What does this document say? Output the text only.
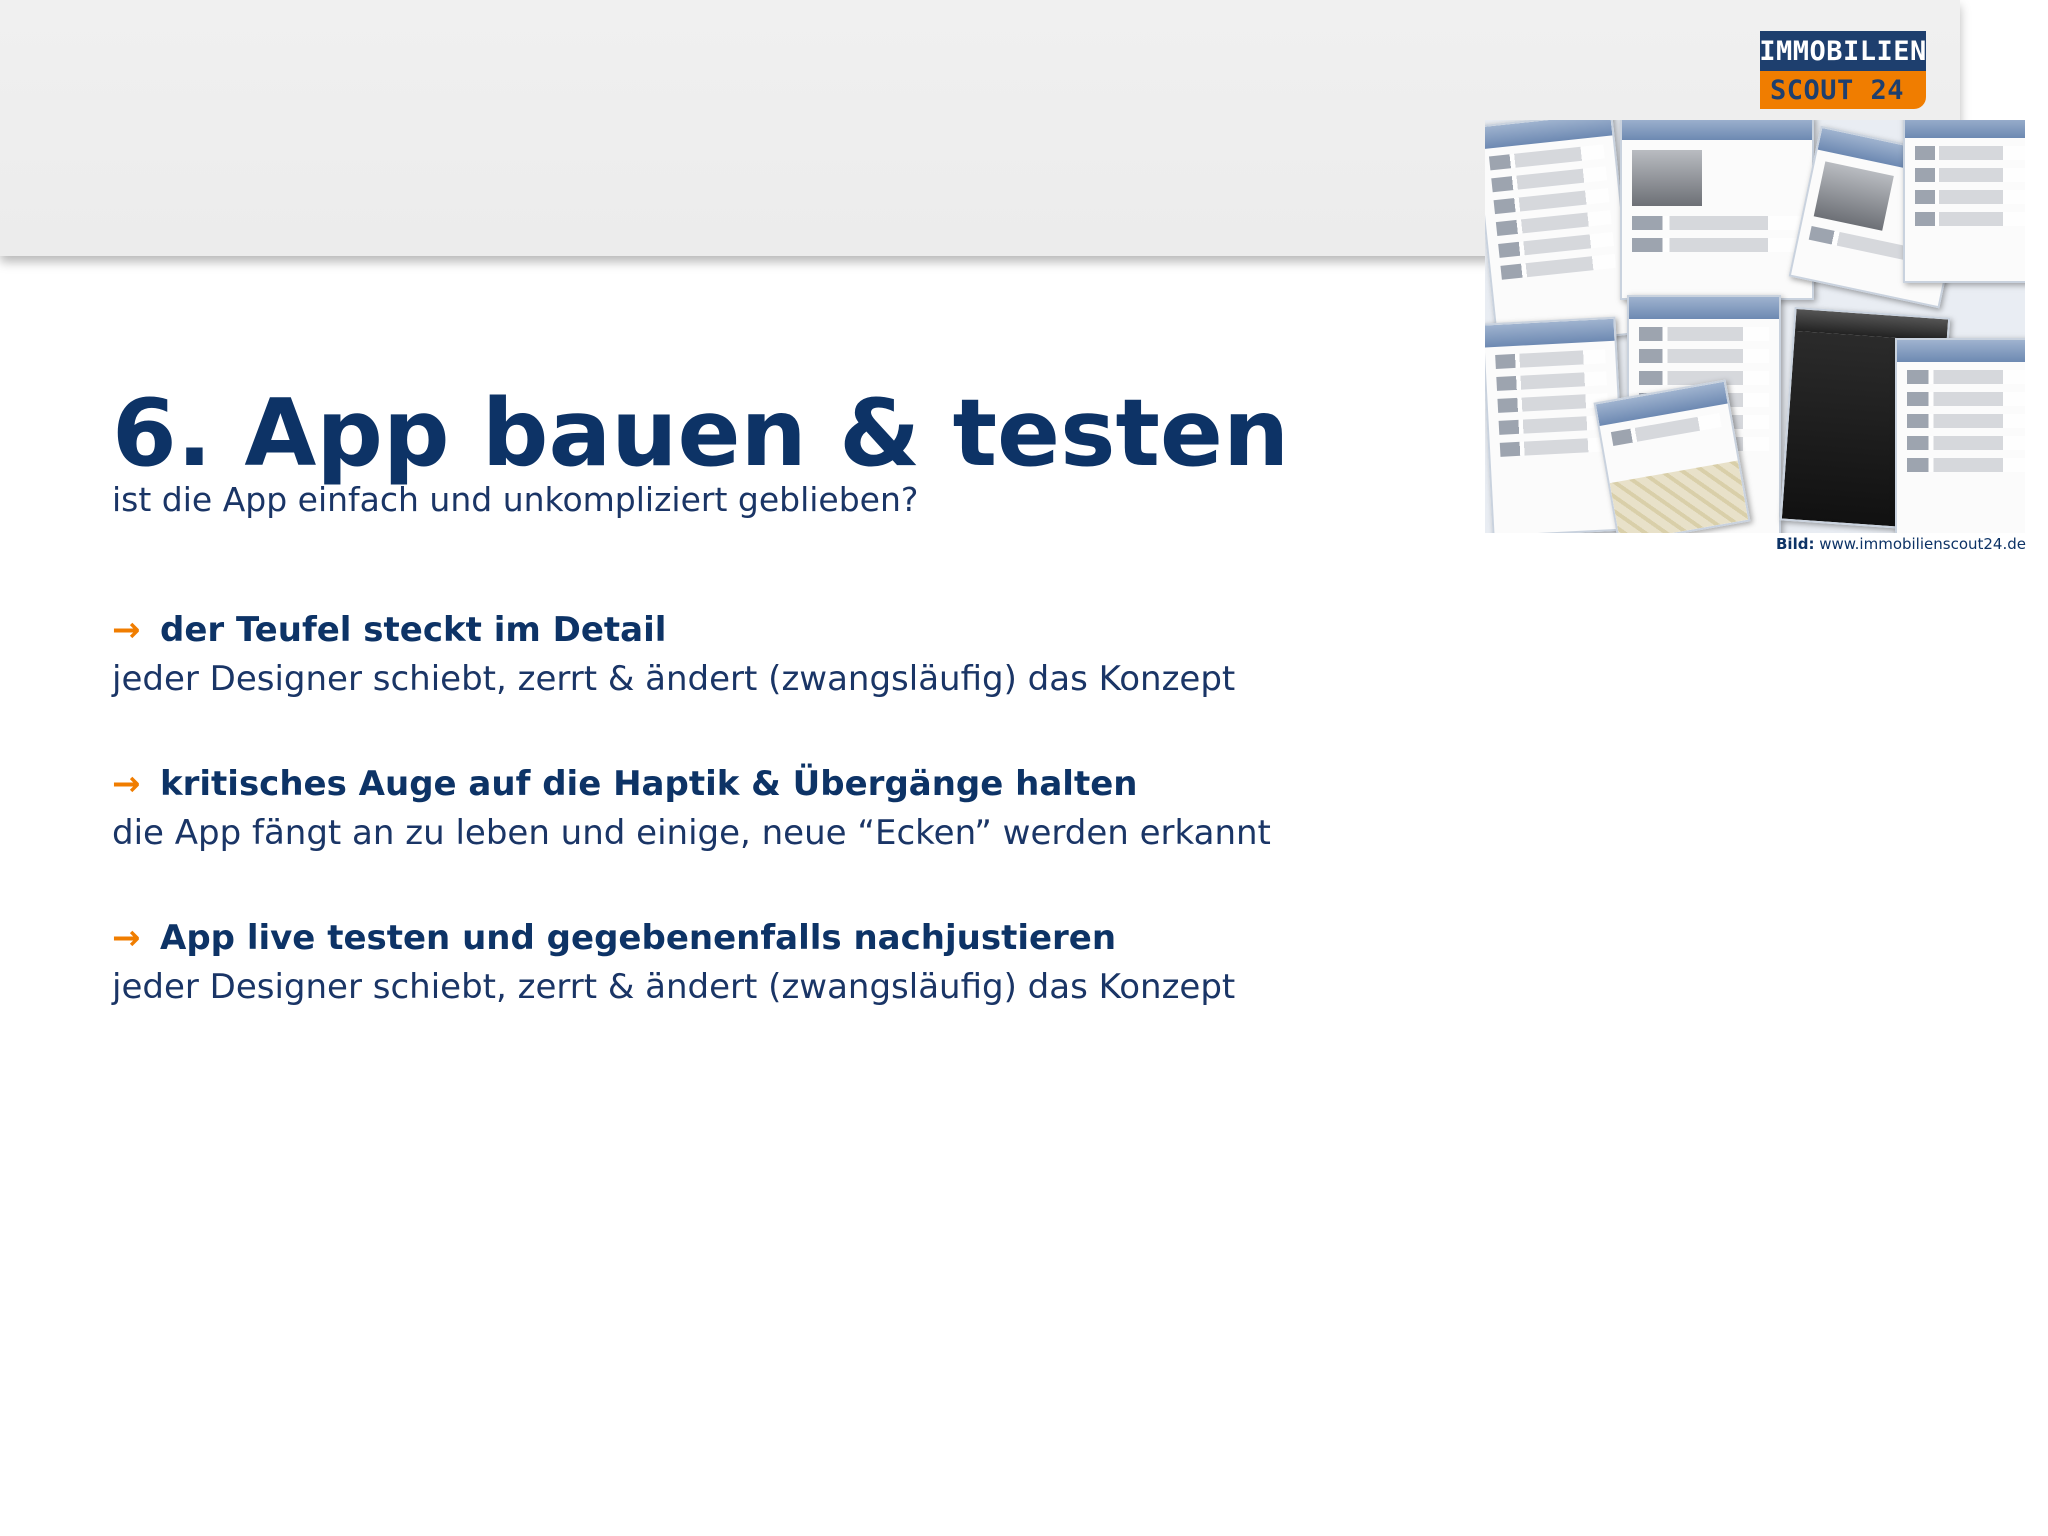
IMMOBILIEN
SCOUT 24
Bild: www.immobilienscout24.de
6. App bauen & testen
ist die App einfach und unkompliziert geblieben?
→ der Teufel steckt im Detail
jeder Designer schiebt, zerrt & ändert (zwangsläufig) das Konzept
→ kritisches Auge auf die Haptik & Übergänge halten
die App fängt an zu leben und einige, neue “Ecken” werden erkannt
→ App live testen und gegebenenfalls nachjustieren
jeder Designer schiebt, zerrt & ändert (zwangsläufig) das Konzept
